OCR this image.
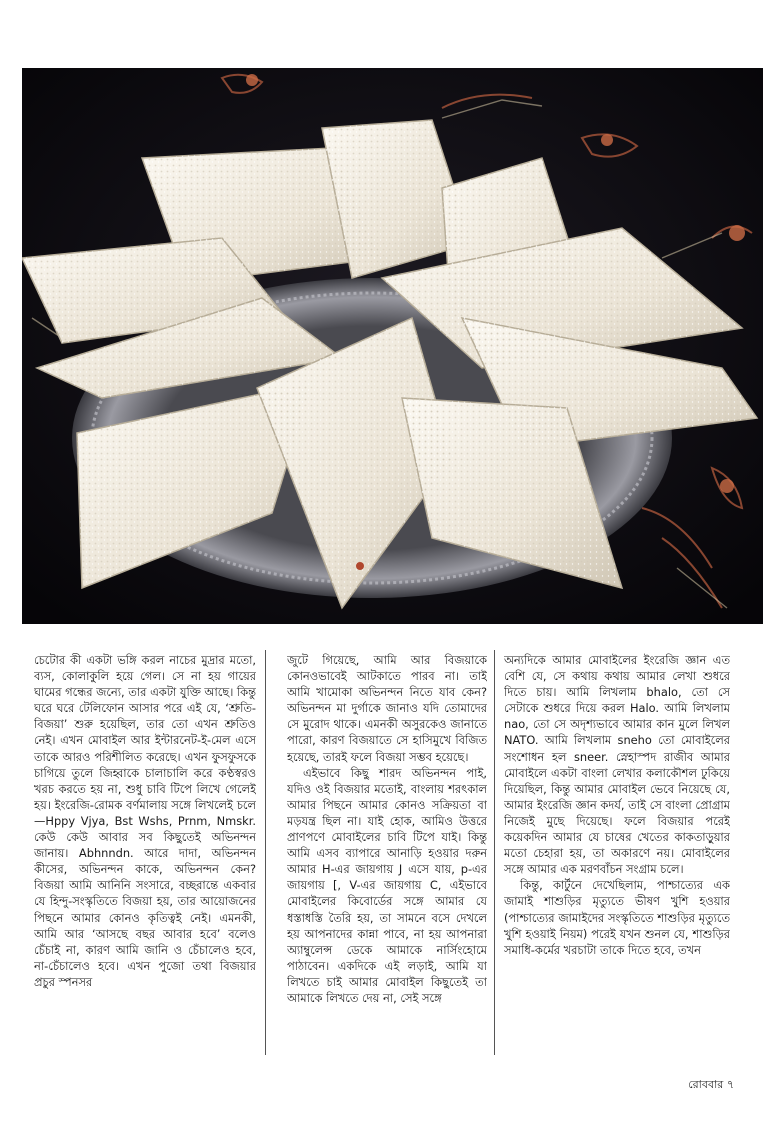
চেটোর কী একটা ভঙ্গি করল নাচের মুদ্রার মতো, ব্যস, কোলাকুলি হয়ে গেল। সে না হয় গায়ের ঘামের গন্ধের জন্যে, তার একটা যুক্তি আছে। কিন্তু ঘরে ঘরে টেলিফোন আসার পরে এই যে, ‘শ্রুতি-বিজয়া’ শুরু হয়েছিল, তার তো এখন শ্রুতিও নেই। এখন মোবাইল আর ইন্টারনেট-ই-মেল এসে তাকে আরও পরিশীলিত করেছে। এখন ফুসফুসকে চাগিয়ে তুলে জিহ্বাকে চালাচালি করে কণ্ঠস্বরও খরচ করতে হয় না, শুধু চাবি টিপে লিখে গেলেই হয়। ইংরেজি-রোমক বর্ণমালায় সঙ্গে লিখলেই চলে—Hppy Vjya, Bst Wshs, Prnm, Nmskr. কেউ কেউ আবার সব কিছুতেই অভিনন্দন জানায়। Abhnndn. আরে দাদা, অভিনন্দন কীসের, অভিনন্দন কাকে, অভিনন্দন কেন? বিজয়া আমি আনিনি সংসারে, বচ্ছরান্তে একবার যে হিন্দু-সংস্কৃতিতে বিজয়া হয়, তার আয়োজনের পিছনে আমার কোনও কৃতিত্বই নেই। এমনকী, আমি আর ‘আসছে বছর আবার হবে’ বলেও চেঁচাই না, কারণ আমি জানি ও চেঁচালেও হবে, না-চেঁচালেও হবে। এখন পুজো তথা বিজয়ার প্রচুর স্পনসর

জুটে গিয়েছে, আমি আর বিজয়াকে কোনওভাবেই আটকাতে পারব না। তাই আমি খামোকা অভিনন্দন নিতে যাব কেন? অভিনন্দন মা দুর্গাকে জানাও যদি তোমাদের সে মুরোদ থাকে। এমনকী অসুরকেও জানাতে পারো, কারণ বিজয়াতে সে হাসিমুখে বিজিত হয়েছে, তারই ফলে বিজয়া সম্ভব হয়েছে।

এইভাবে কিছু শারদ অভিনন্দন পাই, যদিও ওই বিজয়ার মতোই, বাংলায় শরৎকাল আমার পিছনে আমার কোনও সক্রিয়তা বা মড়যন্ত্র ছিল না। যাই হোক, আমিও উত্তরে প্রাণপণে মোবাইলের চাবি টিপে যাই। কিন্তু আমি এসব ব্যাপারে আনাড়ি হওয়ার দরুন আমার H-এর জায়গায় J এসে যায়, p-এর জায়গায় [, V-এর জায়গায় C, এইভাবে মোবাইলের কিবোর্ডের সঙ্গে আমার যে ধস্তাধস্তি তৈরি হয়, তা সামনে বসে দেখলে হয় আপনাদের কান্না পাবে, না হয় আপনারা অ্যাম্বুলেন্স ডেকে আমাকে নার্সিংহোমে পাঠাবেন। একদিকে এই লড়াই, আমি যা লিখতে চাই আমার মোবাইল কিছুতেই তা আমাকে লিখতে দেয় না, সেই সঙ্গে

অন্যদিকে আমার মোবাইলের ইংরেজি জ্ঞান এত বেশি যে, সে কথায় কথায় আমার লেখা শুধরে দিতে চায়। আমি লিখলাম bhalo, তো সে সেটাকে শুধরে দিয়ে করল Halo. আমি লিখলাম nao, তো সে অদৃশ্যভাবে আমার কান মুলে লিখল NATO. আমি লিখলাম sneho তো মোবাইলের সংশোধন হল sneer. স্নেহাস্পদ রাজীব আমার মোবাইলে একটা বাংলা লেখার কলাকৌশল ঢুকিয়ে দিয়েছিল, কিন্তু আমার মোবাইল ভেবে নিয়েছে যে, আমার ইংরেজি জ্ঞান কদর্য, তাই সে বাংলা প্রোগ্রাম নিজেই মুছে দিয়েছে। ফলে বিজয়ার পরেই কয়েকদিন আমার যে চাষের খেতের কাকতাড়ুয়ার মতো চেহারা হয়, তা অকারণে নয়। মোবাইলের সঙ্গে আমার এক মরণবাঁচন সংগ্রাম চলে।

কিন্তু, কার্টুনে দেখেছিলাম, পাশ্চাত্যের এক জামাই শাশুড়ির মৃত্যুতে ভীষণ খুশি হওয়ার (পাশ্চাত্যের জামাইদের সংস্কৃতিতে শাশুড়ির মৃত্যুতে খুশি হওয়াই নিয়ম) পরেই যখন শুনল যে, শাশুড়ির সমাধি-কর্মের খরচাটা তাকে দিতে হবে, তখন

রোববার ৭
